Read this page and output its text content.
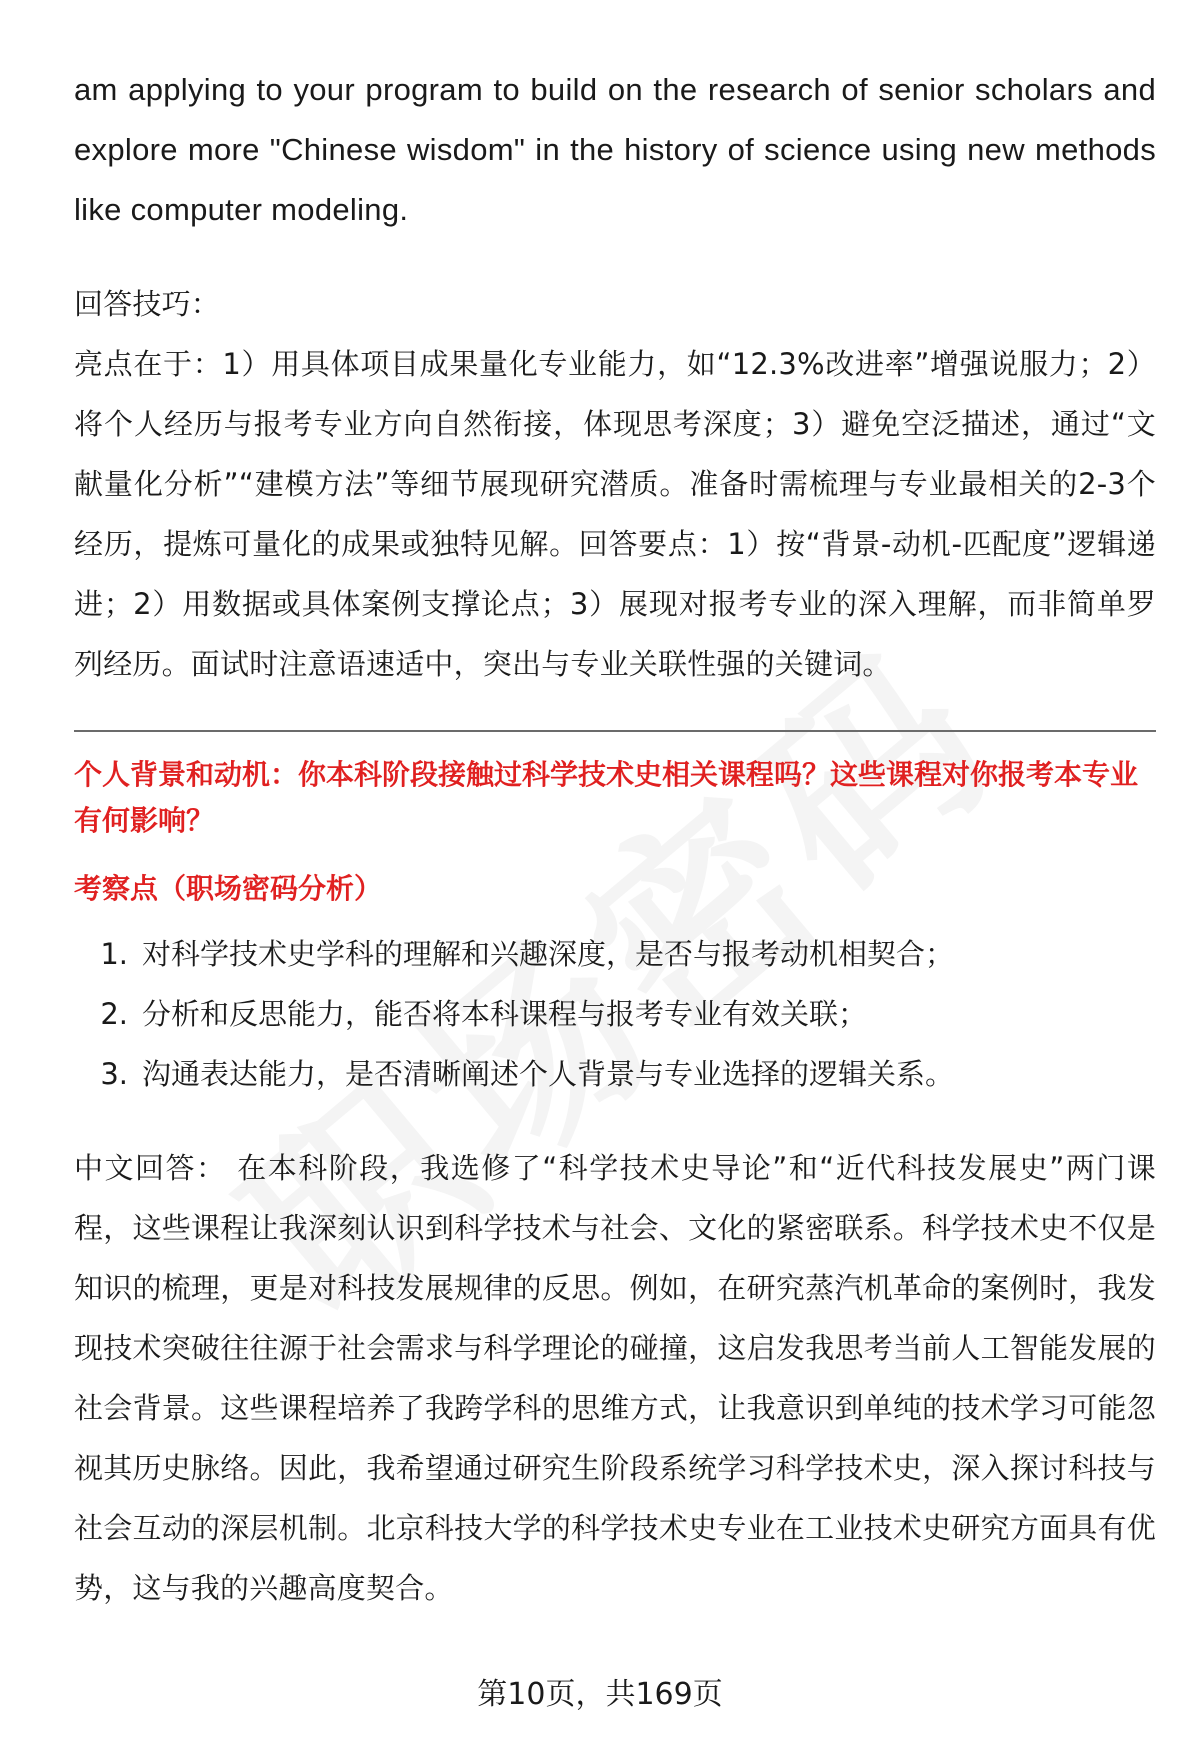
am applying to your program to build on the research of senior scholars and explore more "Chinese wisdom" in the history of science using new methods like computer modeling.

回答技巧：

亮点在于：1）用具体项目成果量化专业能力，如“12.3%改进率”增强说服力；2）将个人经历与报考专业方向自然衔接，体现思考深度；3）避免空泛描述，通过“文献量化分析”“建模方法”等细节展现研究潜质。准备时需梳理与专业最相关的2-3个经历，提炼可量化的成果或独特见解。回答要点：1）按“背景-动机-匹配度”逻辑递进；2）用数据或具体案例支撑论点；3）展现对报考专业的深入理解，而非简单罗列经历。面试时注意语速适中，突出与专业关联性强的关键词。

个人背景和动机：你本科阶段接触过科学技术史相关课程吗？这些课程对你报考本专业有何影响？

考察点（职场密码分析）

1. 对科学技术史学科的理解和兴趣深度，是否与报考动机相契合；
2. 分析和反思能力，能否将本科课程与报考专业有效关联；
3. 沟通表达能力，是否清晰阐述个人背景与专业选择的逻辑关系。

中文回答： 在本科阶段，我选修了“科学技术史导论”和“近代科技发展史”两门课程，这些课程让我深刻认识到科学技术与社会、文化的紧密联系。科学技术史不仅是知识的梳理，更是对科技发展规律的反思。例如，在研究蒸汽机革命的案例时，我发现技术突破往往源于社会需求与科学理论的碰撞，这启发我思考当前人工智能发展的社会背景。这些课程培养了我跨学科的思维方式，让我意识到单纯的技术学习可能忽视其历史脉络。因此，我希望通过研究生阶段系统学习科学技术史，深入探讨科技与社会互动的深层机制。北京科技大学的科学技术史专业在工业技术史研究方面具有优势，这与我的兴趣高度契合。

第10页，共169页
